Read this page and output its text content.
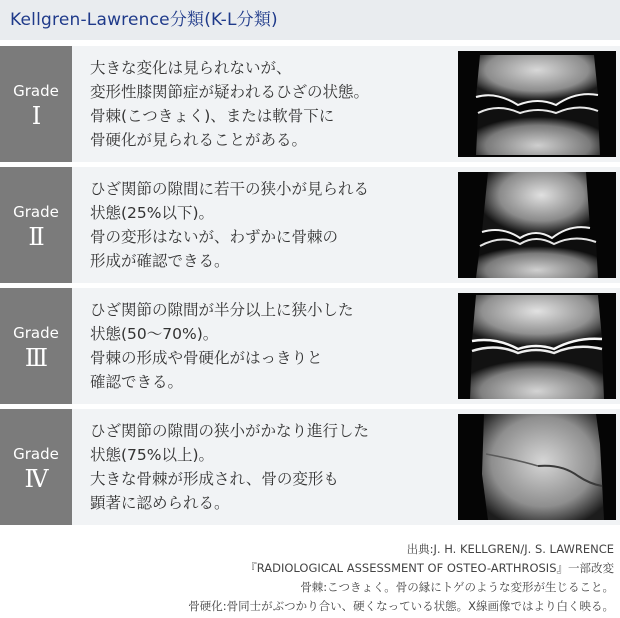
Kellgren-Lawrence分類(K-L分類)
Grade
Ⅰ
大きな変化は見られないが、
変形性膝関節症が疑われるひざの状態。
骨棘(こつきょく)、または軟骨下に
骨硬化が見られることがある。
Grade
Ⅱ
ひざ関節の隙間に若干の狭小が見られる
状態(25%以下)。
骨の変形はないが、わずかに骨棘の
形成が確認できる。
Grade
Ⅲ
ひざ関節の隙間が半分以上に狭小した
状態(50〜70%)。
骨棘の形成や骨硬化がはっきりと
確認できる。
Grade
Ⅳ
ひざ関節の隙間の狭小がかなり進行した
状態(75%以上)。
大きな骨棘が形成され、骨の変形も
顕著に認められる。
出典:J. H. KELLGREN/J. S. LAWRENCE
『RADIOLOGICAL ASSESSMENT OF OSTEO-ARTHROSIS』一部改変
骨棘:こつきょく。骨の縁にトゲのような変形が生じること。
骨硬化:骨同士がぶつかり合い、硬くなっている状態。X線画像ではより白く映る。
